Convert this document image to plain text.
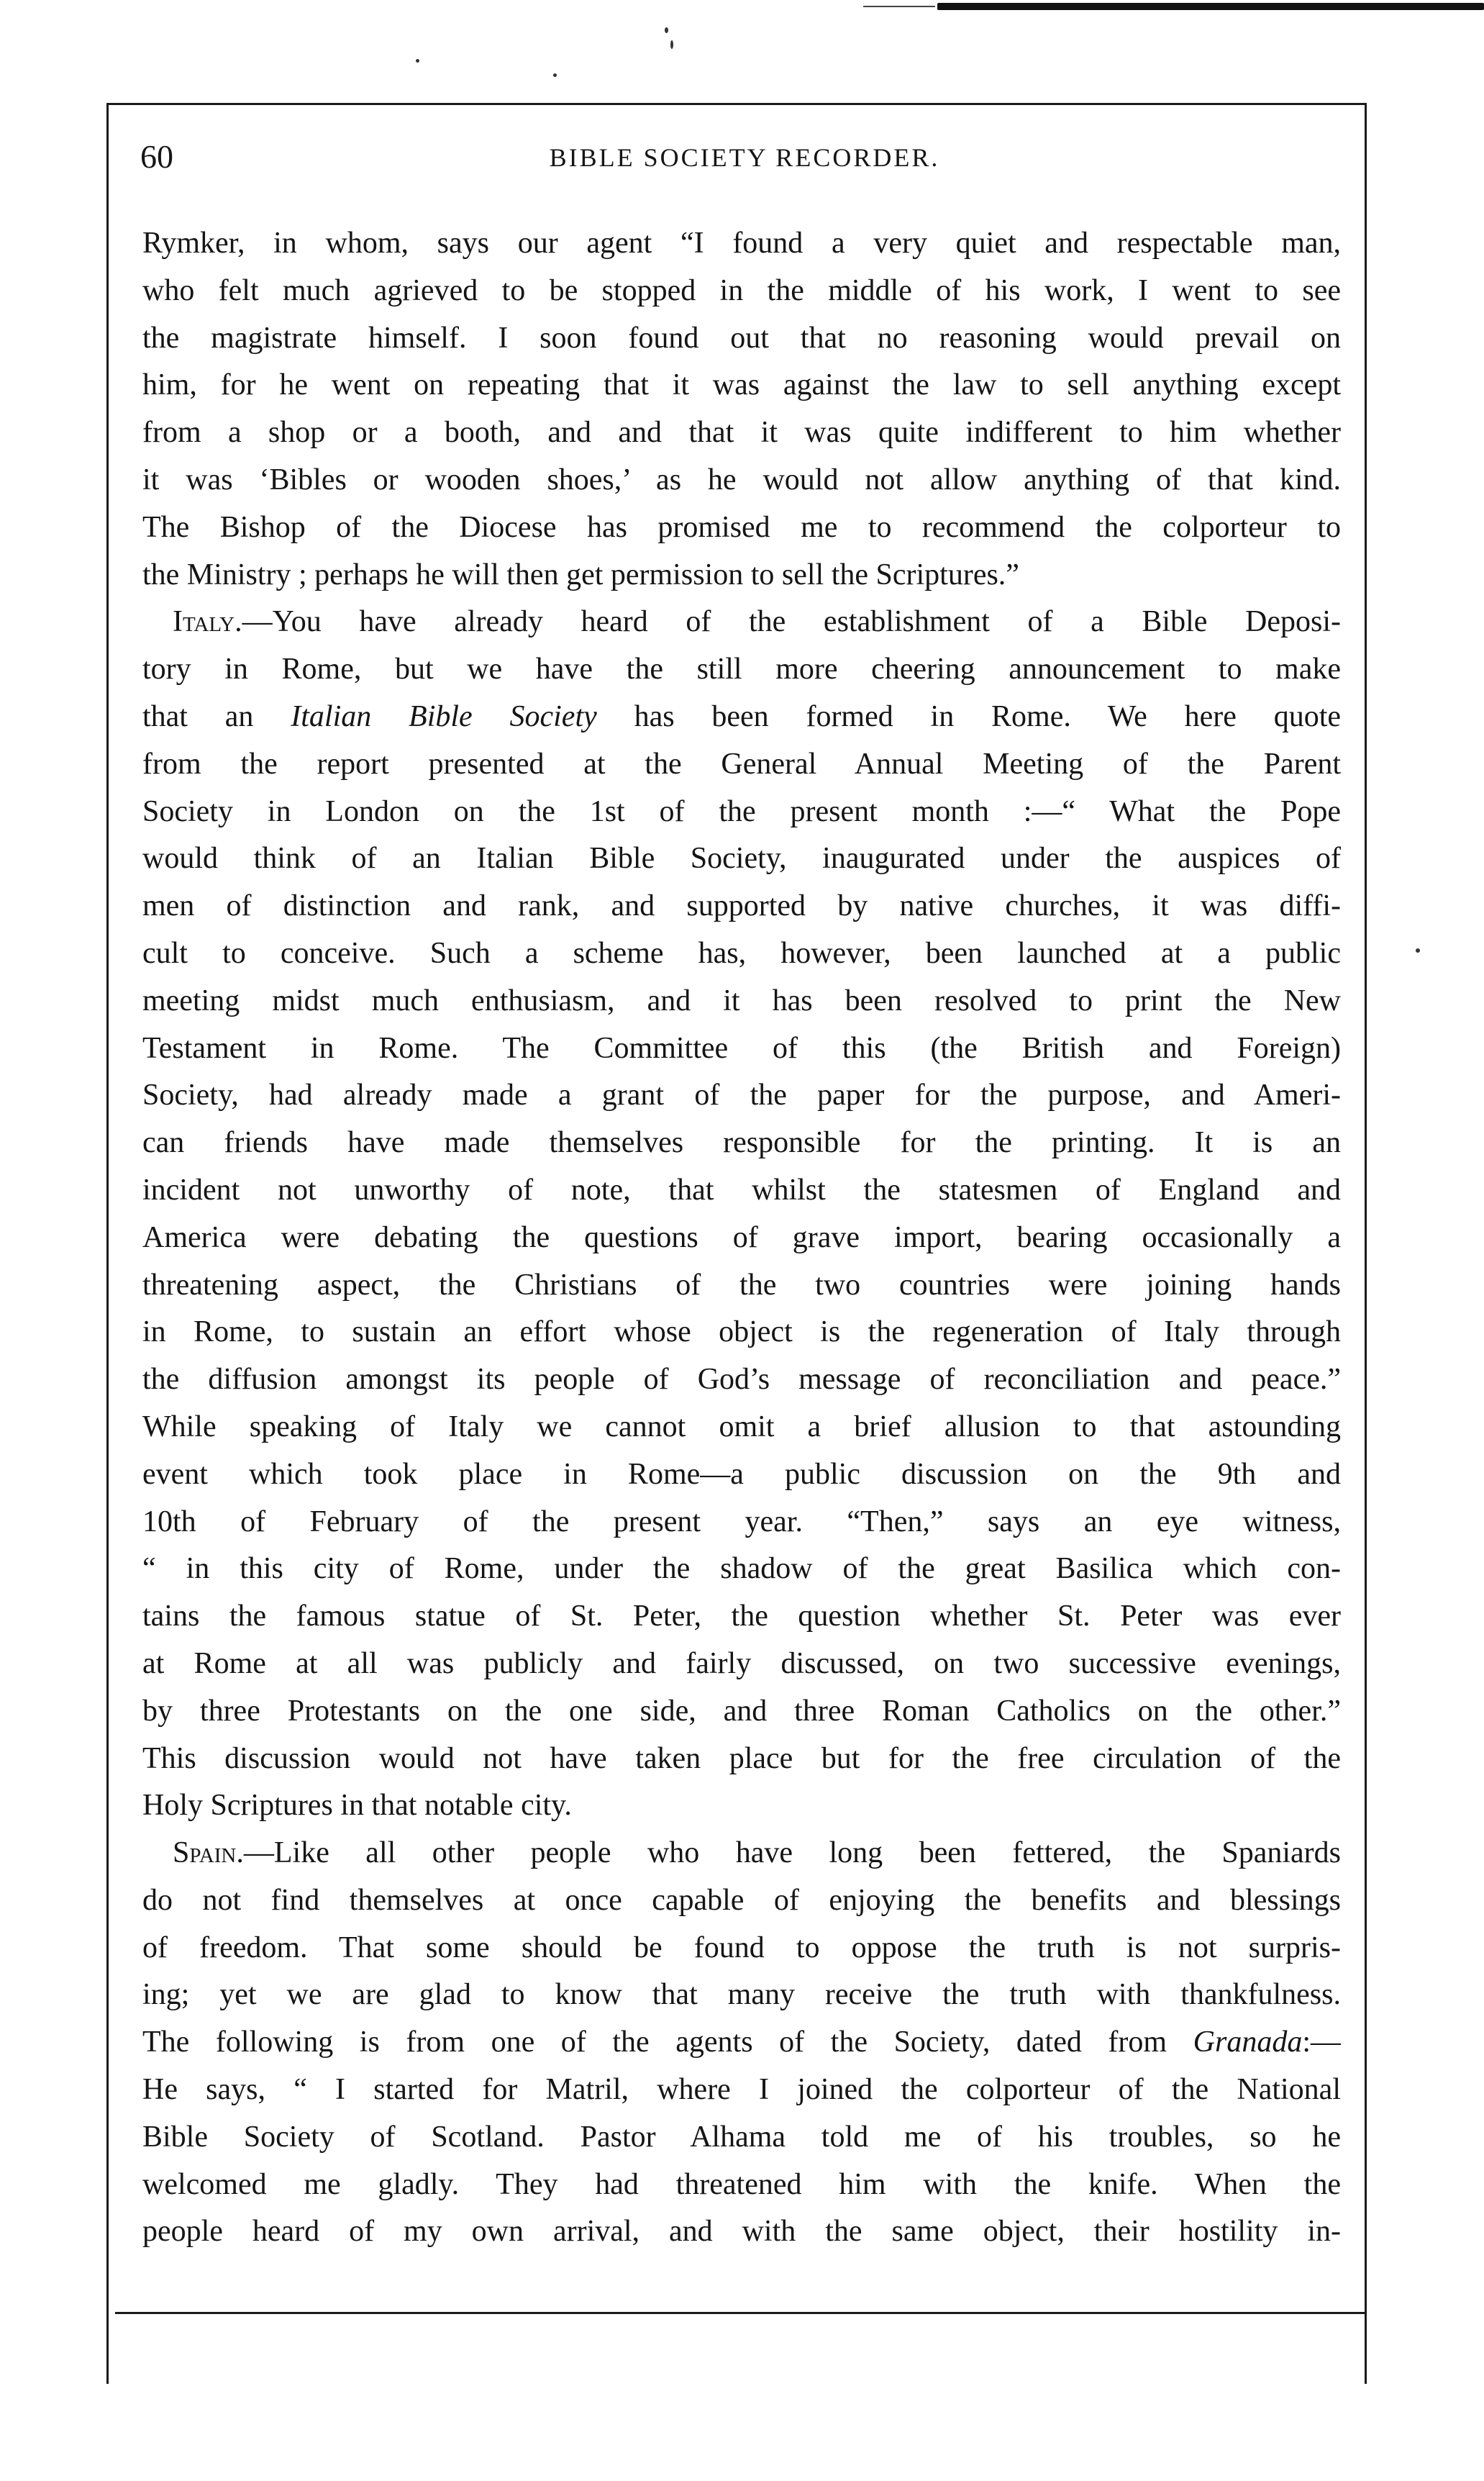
60	BIBLE SOCIETY RECORDER.
Rymker, in whom, says our agent “I found a very quiet and respectable man,
who felt much agrieved to be stopped in the middle of his work, I went to see
the magistrate himself. I soon found out that no reasoning would prevail on
him, for he went on repeating that it was against the law to sell anything except
from a shop or a booth, and and that it was quite indifferent to him whether
it was ‘Bibles or wooden shoes,’ as he would not allow anything of that kind.
The Bishop of the Diocese has promised me to recommend the colporteur to
the Ministry ; perhaps he will then get permission to sell the Scriptures.”
Italy.—You have already heard of the establishment of a Bible Deposi-
tory in Rome, but we have the still more cheering announcement to make
that an Italian Bible Society has been formed in Rome. We here quote
from the report presented at the General Annual Meeting of the Parent
Society in London on the 1st of the present month :—“ What the Pope
would think of an Italian Bible Society, inaugurated under the auspices of
men of distinction and rank, and supported by native churches, it was diffi-
cult to conceive. Such a scheme has, however, been launched at a public
meeting midst much enthusiasm, and it has been resolved to print the New
Testament in Rome. The Committee of this (the British and Foreign)
Society, had already made a grant of the paper for the purpose, and Ameri-
can friends have made themselves responsible for the printing. It is an
incident not unworthy of note, that whilst the statesmen of England and
America were debating the questions of grave import, bearing occasionally a
threatening aspect, the Christians of the two countries were joining hands
in Rome, to sustain an effort whose object is the regeneration of Italy through
the diffusion amongst its people of God’s message of reconciliation and peace.”
While speaking of Italy we cannot omit a brief allusion to that astounding
event which took place in Rome—a public discussion on the 9th and
10th of February of the present year. “Then,” says an eye witness,
“ in this city of Rome, under the shadow of the great Basilica which con-
tains the famous statue of St. Peter, the question whether St. Peter was ever
at Rome at all was publicly and fairly discussed, on two successive evenings,
by three Protestants on the one side, and three Roman Catholics on the other.”
This discussion would not have taken place but for the free circulation of the
Holy Scriptures in that notable city.
Spain.—Like all other people who have long been fettered, the Spaniards
do not find themselves at once capable of enjoying the benefits and blessings
of freedom. That some should be found to oppose the truth is not surpris-
ing; yet we are glad to know that many receive the truth with thankfulness.
The following is from one of the agents of the Society, dated from Granada:—
He says, “ I started for Matril, where I joined the colporteur of the National
Bible Society of Scotland. Pastor Alhama told me of his troubles, so he
welcomed me gladly. They had threatened him with the knife. When the
people heard of my own arrival, and with the same object, their hostility in-
